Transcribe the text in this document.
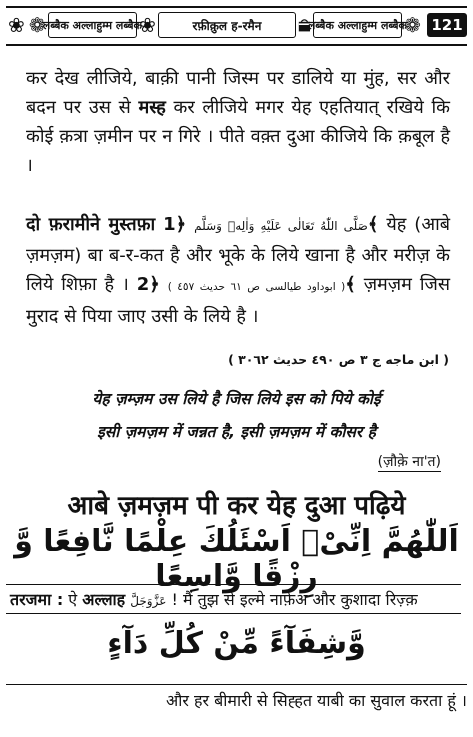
❀ ❁
लब्बैक अल्लाहुम्म लब्बैक
❀	रफ़ीक़ुल ह-रमैन	लब्बैक अल्लाहुम्म लब्बैक
❁ 121
कर देख लीजिये, बाक़ी पानी जिस्म पर डालिये या मुंह, सर और बदन पर उस से मस्ह कर लीजिये मगर येह एहतियात् रखिये कि कोई क़त्रा ज़मीन पर न गिरे । पीते वक़्त दुआ कीजिये कि क़बूल है ।
दो फ़रामीने मुस्तफ़ा	صَلَّى اللّٰهُ تَعَالٰى عَلَيْهِ وَاٰلِهٖ وَسَلَّم ﴿1﴾ येह (आबे ज़मज़म) बा ब-र-कत है और भूके के लिये खाना है और मरीज़ के लिये शिफ़ा है ।	( ابوداود طیالسی ص ٦١ حدیث ٤٥٧ ) ﴿2﴾ ज़मज़म जिस मुराद से पिया जाए उसी के लिये है ।
( ابن ماجه ج ٣ ص ٤٩٠ حديث ٣٠٦٢ )
येह ज़म्ज़म उस लिये है जिस लिये इस को पिये कोई
इसी ज़मज़म में जन्नत है, इसी ज़मज़म में कौसर है
(ज़ौक़े ना'त)
आबे ज़मज़म पी कर येह दुआ पढ़िये
اَللّٰهُمَّ اِنِّیْۤ اَسْئَلُكَ عِلْمًا نَّافِعًا وَّ رِزْقًا وَّاسِعًا
तरजमा : ऐ अल्लाह عَزَّوَجَلَّ ! मैं तुझ से इल्मे नाफ़ेअ और कुशादा रिज़्क़
وَّشِفَآءً مِّنْ كُلِّ دَآءٍ
और हर बीमारी से सिह्हत याबी का सुवाल करता हूं ।
